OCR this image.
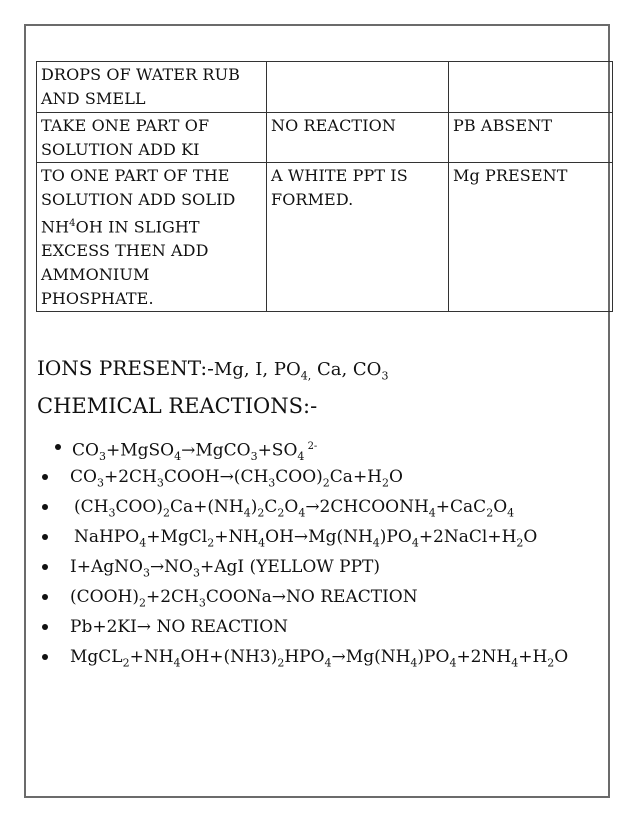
DROPS OF WATER RUB AND SMELL		
TAKE ONE PART OF SOLUTION ADD KI	NO REACTION	PB ABSENT
TO ONE PART OF THE SOLUTION ADD SOLID $NH^4OH$ IN SLIGHT EXCESS THEN ADD AMMONIUM PHOSPHATE.	A WHITE PPT IS FORMED.	Mg PRESENT
IONS PRESENT:-Mg, I, $PO_{4,}$ Ca, $CO_3$
CHEMICAL REACTIONS:-
$CO_3+MgSO_4\to MgCO_3+SO_4$ $^{2-}$
$CO_3+2CH_3COOH\to(CH_3COO)_2Ca+H_2O$
$(CH_3COO)_2Ca+(NH_4)_2C_2O_4\to 2CHCOONH_4+CaC_2O_4$
$NaHPO_4+MgCl_2+NH_4OH\to Mg(NH_4)PO_4+2NaCl+H_2O$
$I+AgNO_3\to NO_3+AgI$ (YELLOW PPT)
$(COOH)_2+2CH_3COONa\to NO$ REACTION
Pb+2KI→ NO REACTION
$MgCL_2+NH_4OH+(NH3)_2HPO_4\to Mg(NH_4)PO_4+2NH_4+H_2O$
